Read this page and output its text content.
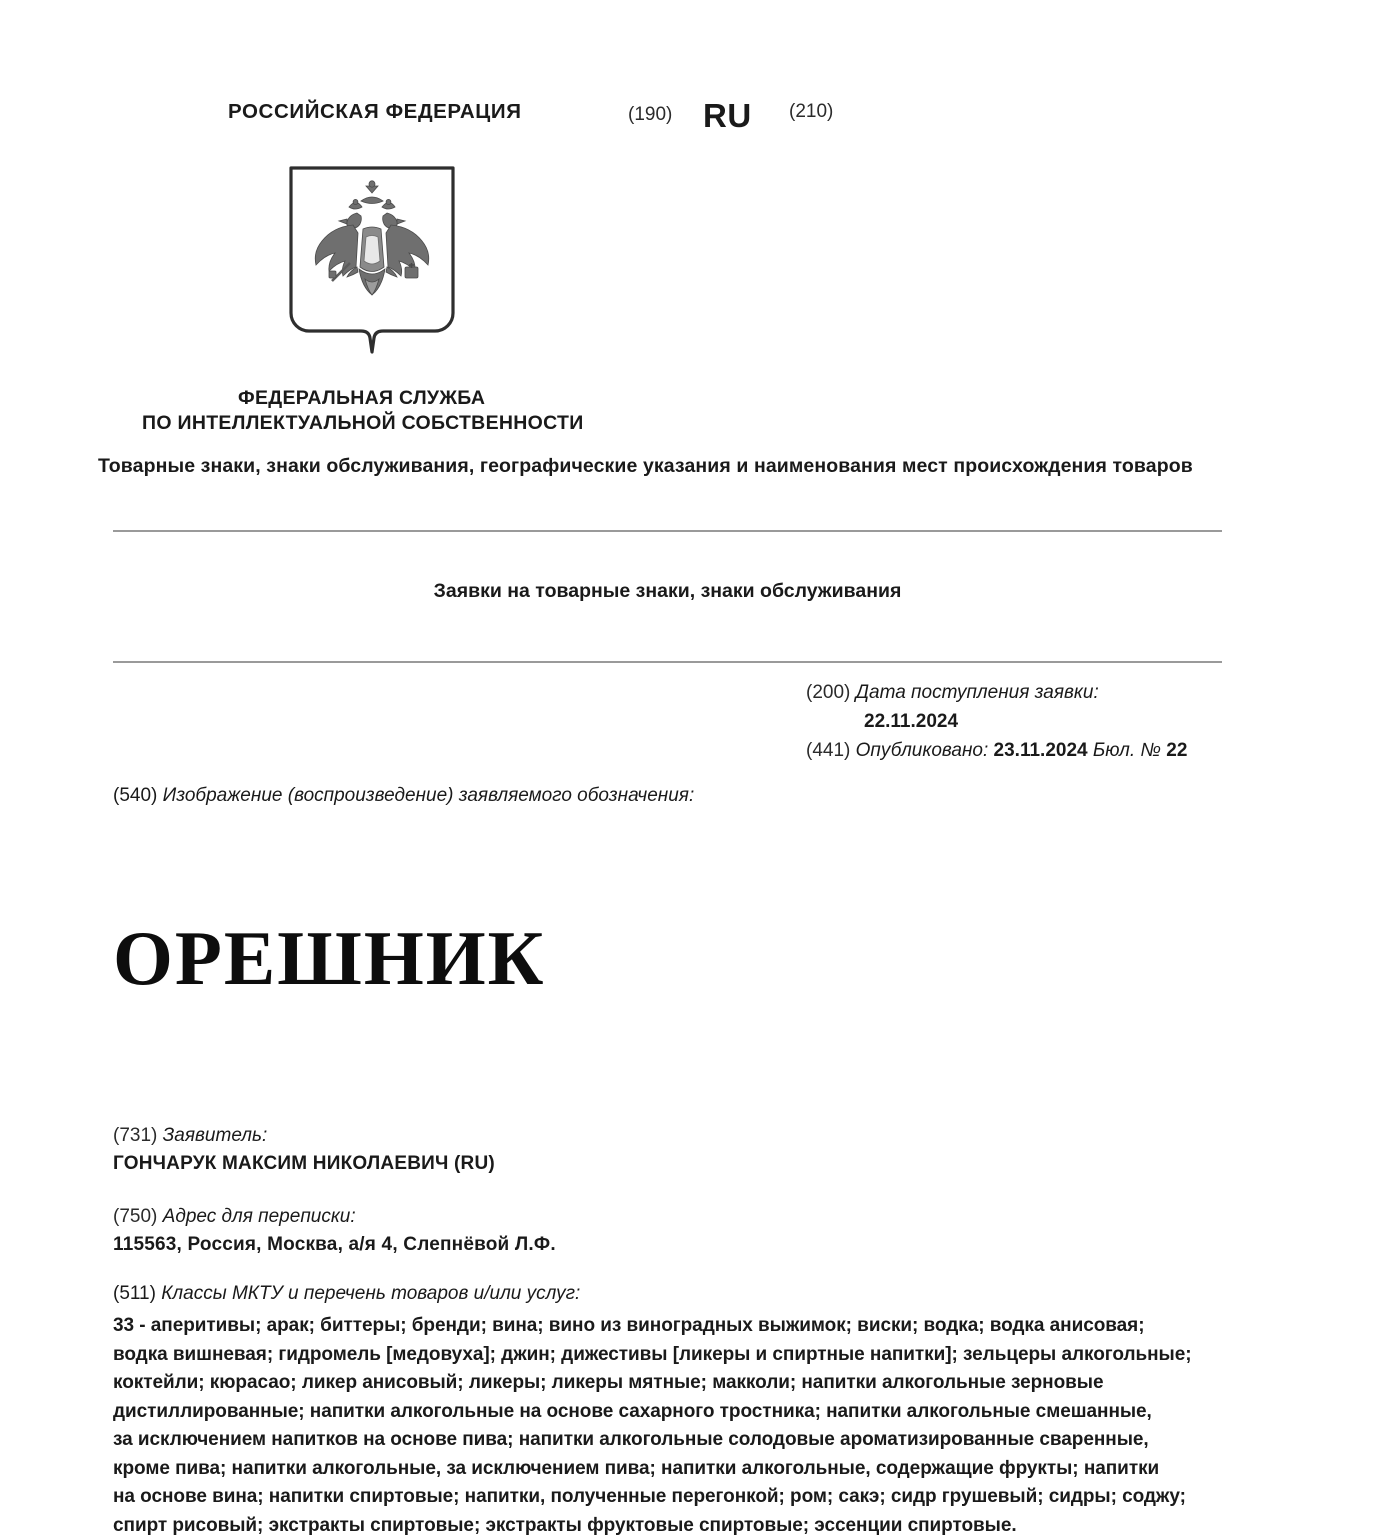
РОССИЙСКАЯ ФЕДЕРАЦИЯ	(190) RU (210)
ФЕДЕРАЛЬНАЯ СЛУЖБА
ПО ИНТЕЛЛЕКТУАЛЬНОЙ СОБСТВЕННОСТИ
Товарные знаки, знаки обслуживания, географические указания и наименования мест происхождения товаров
Заявки на товарные знаки, знаки обслуживания
(200) Дата поступления заявки:
22.11.2024
(441) Опубликовано: 23.11.2024 Бюл. № 22
(540) Изображение (воспроизведение) заявляемого обозначения:
ОРЕШНИК
(731) Заявитель:
ГОНЧАРУК МАКСИМ НИКОЛАЕВИЧ (RU)
(750) Адрес для переписки:
115563, Россия, Москва, а/я 4, Слепнёвой Л.Ф.
(511) Классы МКТУ и перечень товаров и/или услуг:
33 - аперитивы; арак; биттеры; бренди; вина; вино из виноградных выжимок; виски; водка; водка анисовая;
водка вишневая; гидромель [медовуха]; джин; дижестивы [ликеры и спиртные напитки]; зельцеры алкогольные;
коктейли; кюрасао; ликер анисовый; ликеры; ликеры мятные; макколи; напитки алкогольные зерновые
дистиллированные; напитки алкогольные на основе сахарного тростника; напитки алкогольные смешанные,
за исключением напитков на основе пива; напитки алкогольные солодовые ароматизированные сваренные,
кроме пива; напитки алкогольные, за исключением пива; напитки алкогольные, содержащие фрукты; напитки
на основе вина; напитки спиртовые; напитки, полученные перегонкой; ром; сакэ; сидр грушевый; сидры; соджу;
спирт рисовый; экстракты спиртовые; экстракты фруктовые спиртовые; эссенции спиртовые.
